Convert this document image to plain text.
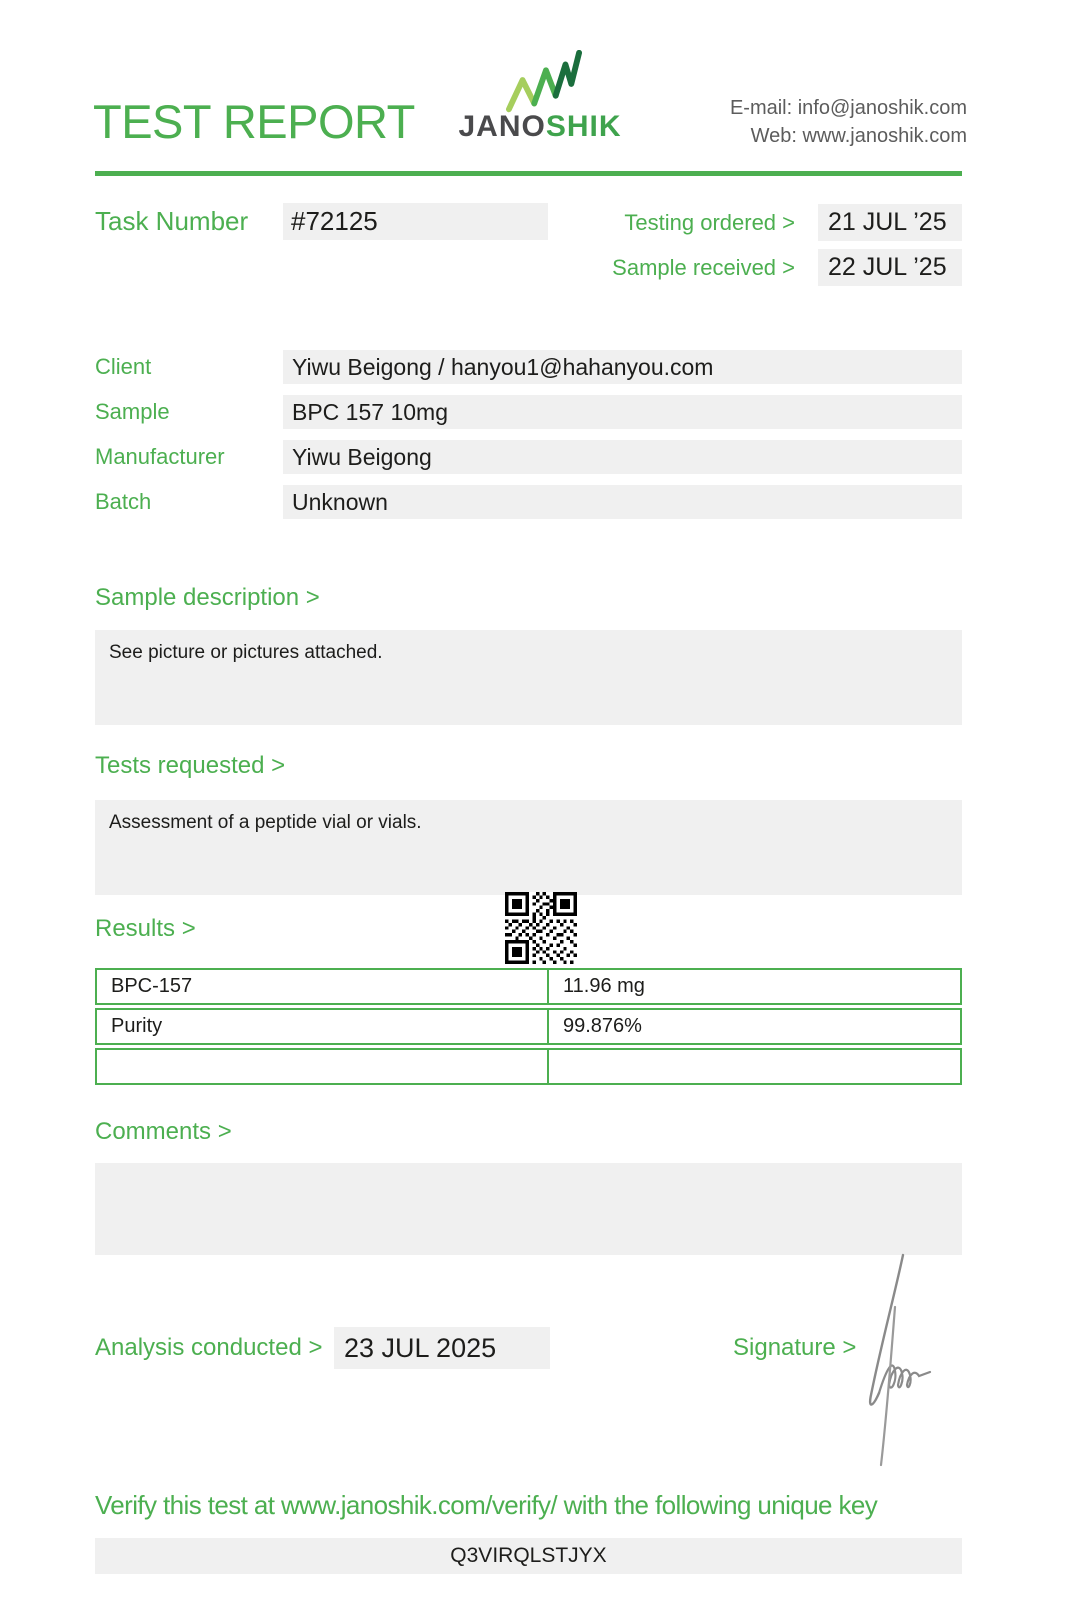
TEST REPORT JANOSHIK
E-mail: info@janoshik.com
Web: www.janoshik.com
Task Number	#72125	Testing ordered >	21 JUL ’25
Sample received >	22 JUL ’25
Client	Yiwu Beigong / hanyou1@hahanyou.com
Sample	BPC 157 10mg
Manufacturer	Yiwu Beigong
Batch	Unknown
Sample description >
See picture or pictures attached.
Tests requested >
Assessment of a peptide vial or vials.
Results >
BPC-157	11.96 mg
Purity	99.876%
Comments >
Analysis conducted > 23 JUL 2025	Signature >
Verify this test at www.janoshik.com/verify/ with the following unique key
Q3VIRQLSTJYX
